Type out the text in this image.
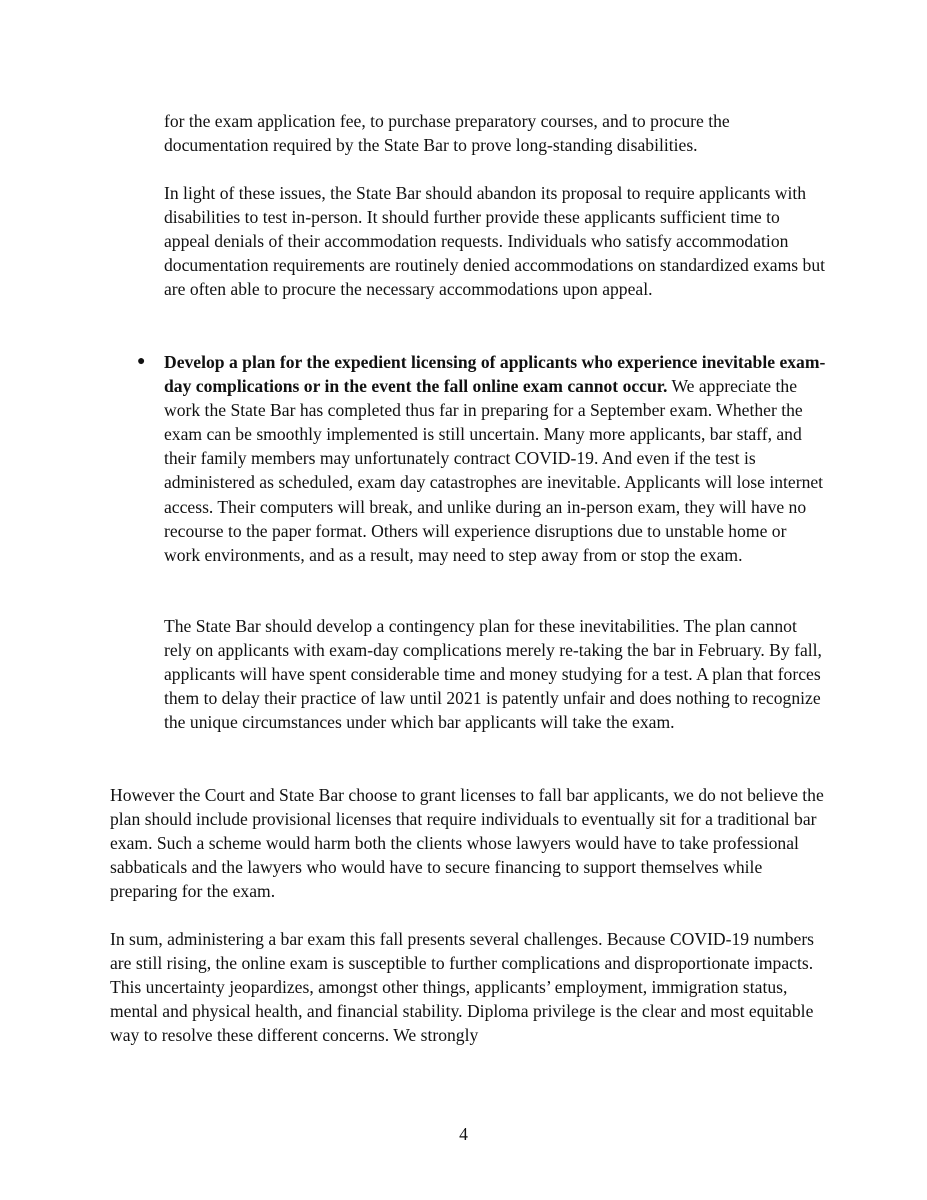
for the exam application fee, to purchase preparatory courses, and to procure the documentation required by the State Bar to prove long-standing disabilities.

In light of these issues, the State Bar should abandon its proposal to require applicants with disabilities to test in-person. It should further provide these applicants sufficient time to appeal denials of their accommodation requests. Individuals who satisfy accommodation documentation requirements are routinely denied accommodations on standardized exams but are often able to procure the necessary accommodations upon appeal.

● Develop a plan for the expedient licensing of applicants who experience inevitable exam-day complications or in the event the fall online exam cannot occur. We appreciate the work the State Bar has completed thus far in preparing for a September exam. Whether the exam can be smoothly implemented is still uncertain. Many more applicants, bar staff, and their family members may unfortunately contract COVID-19. And even if the test is administered as scheduled, exam day catastrophes are inevitable. Applicants will lose internet access. Their computers will break, and unlike during an in-person exam, they will have no recourse to the paper format. Others will experience disruptions due to unstable home or work environments, and as a result, may need to step away from or stop the exam.

The State Bar should develop a contingency plan for these inevitabilities. The plan cannot rely on applicants with exam-day complications merely re-taking the bar in February. By fall, applicants will have spent considerable time and money studying for a test. A plan that forces them to delay their practice of law until 2021 is patently unfair and does nothing to recognize the unique circumstances under which bar applicants will take the exam.

However the Court and State Bar choose to grant licenses to fall bar applicants, we do not believe the plan should include provisional licenses that require individuals to eventually sit for a traditional bar exam. Such a scheme would harm both the clients whose lawyers would have to take professional sabbaticals and the lawyers who would have to secure financing to support themselves while preparing for the exam.

In sum, administering a bar exam this fall presents several challenges. Because COVID-19 numbers are still rising, the online exam is susceptible to further complications and disproportionate impacts. This uncertainty jeopardizes, amongst other things, applicants’ employment, immigration status, mental and physical health, and financial stability. Diploma privilege is the clear and most equitable way to resolve these different concerns. We strongly

4
